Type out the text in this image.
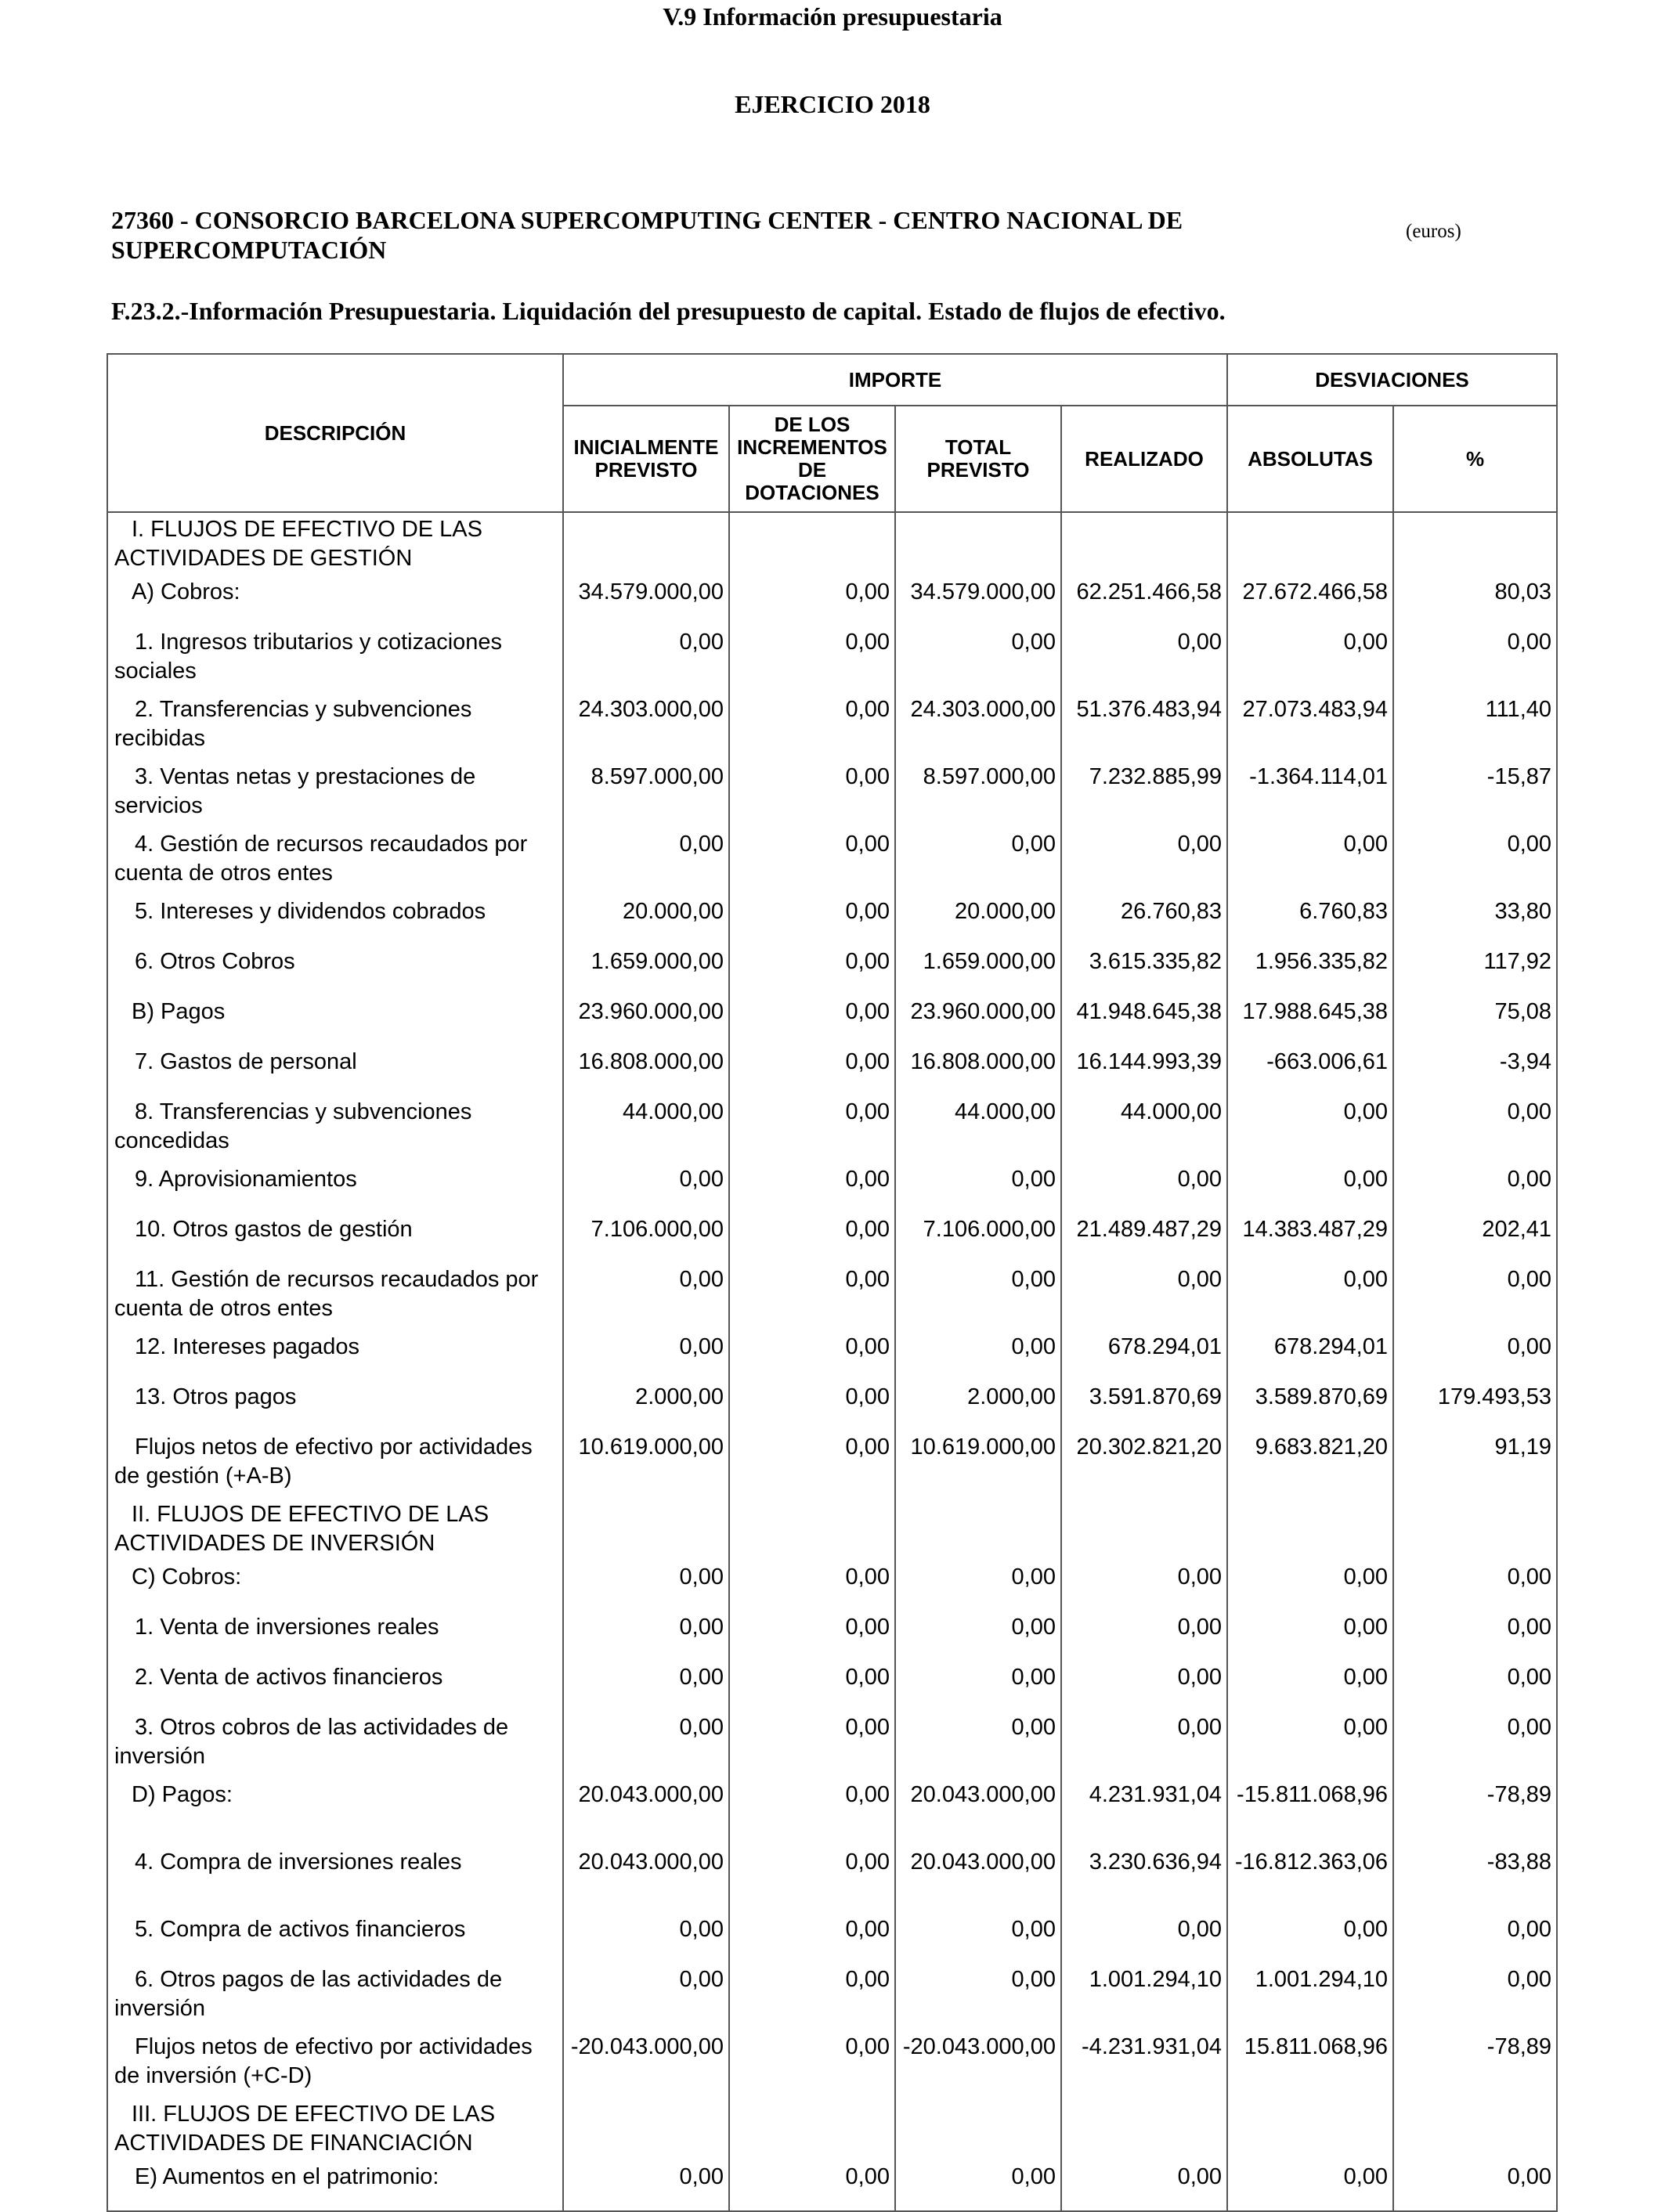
V.9 Información presupuestaria
EJERCICIO 2018
27360 - CONSORCIO BARCELONA SUPERCOMPUTING CENTER - CENTRO NACIONAL DE SUPERCOMPUTACIÓN
(euros)
F.23.2.-Información Presupuestaria. Liquidación del presupuesto de capital. Estado de flujos de efectivo.
DESCRIPCIÓN	IMPORTE				DESVIACIONES	
	INICIALMENTE PREVISTO	DE LOS INCREMENTOS DE DOTACIONES	TOTAL PREVISTO	REALIZADO	ABSOLUTAS	%
I. FLUJOS DE EFECTIVO DE LAS ACTIVIDADES DE GESTIÓN						
A) Cobros:	34.579.000,00	0,00	34.579.000,00	62.251.466,58	27.672.466,58	80,03
1. Ingresos tributarios y cotizaciones sociales	0,00	0,00	0,00	0,00	0,00	0,00
2. Transferencias y subvenciones recibidas	24.303.000,00	0,00	24.303.000,00	51.376.483,94	27.073.483,94	111,40
3. Ventas netas y prestaciones de servicios	8.597.000,00	0,00	8.597.000,00	7.232.885,99	-1.364.114,01	-15,87
4. Gestión de recursos recaudados por cuenta de otros entes	0,00	0,00	0,00	0,00	0,00	0,00
5. Intereses y dividendos cobrados	20.000,00	0,00	20.000,00	26.760,83	6.760,83	33,80
6. Otros Cobros	1.659.000,00	0,00	1.659.000,00	3.615.335,82	1.956.335,82	117,92
B) Pagos	23.960.000,00	0,00	23.960.000,00	41.948.645,38	17.988.645,38	75,08
7. Gastos de personal	16.808.000,00	0,00	16.808.000,00	16.144.993,39	-663.006,61	-3,94
8. Transferencias y subvenciones concedidas	44.000,00	0,00	44.000,00	44.000,00	0,00	0,00
9. Aprovisionamientos	0,00	0,00	0,00	0,00	0,00	0,00
10. Otros gastos de gestión	7.106.000,00	0,00	7.106.000,00	21.489.487,29	14.383.487,29	202,41
11. Gestión de recursos recaudados por cuenta de otros entes	0,00	0,00	0,00	0,00	0,00	0,00
12. Intereses pagados	0,00	0,00	0,00	678.294,01	678.294,01	0,00
13. Otros pagos	2.000,00	0,00	2.000,00	3.591.870,69	3.589.870,69	179.493,53
Flujos netos de efectivo por actividades de gestión (+A-B)	10.619.000,00	0,00	10.619.000,00	20.302.821,20	9.683.821,20	91,19
II. FLUJOS DE EFECTIVO DE LAS ACTIVIDADES DE INVERSIÓN						
C) Cobros:	0,00	0,00	0,00	0,00	0,00	0,00
1. Venta de inversiones reales	0,00	0,00	0,00	0,00	0,00	0,00
2. Venta de activos financieros	0,00	0,00	0,00	0,00	0,00	0,00
3. Otros cobros de las actividades de inversión	0,00	0,00	0,00	0,00	0,00	0,00
D) Pagos:	20.043.000,00	0,00	20.043.000,00	4.231.931,04	-15.811.068,96	-78,89
4. Compra de inversiones reales	20.043.000,00	0,00	20.043.000,00	3.230.636,94	-16.812.363,06	-83,88
5. Compra de activos financieros	0,00	0,00	0,00	0,00	0,00	0,00
6. Otros pagos de las actividades de inversión	0,00	0,00	0,00	1.001.294,10	1.001.294,10	0,00
Flujos netos de efectivo por actividades de inversión (+C-D)	-20.043.000,00	0,00	-20.043.000,00	-4.231.931,04	15.811.068,96	-78,89
III. FLUJOS DE EFECTIVO DE LAS ACTIVIDADES DE FINANCIACIÓN						
E) Aumentos en el patrimonio:	0,00	0,00	0,00	0,00	0,00	0,00
